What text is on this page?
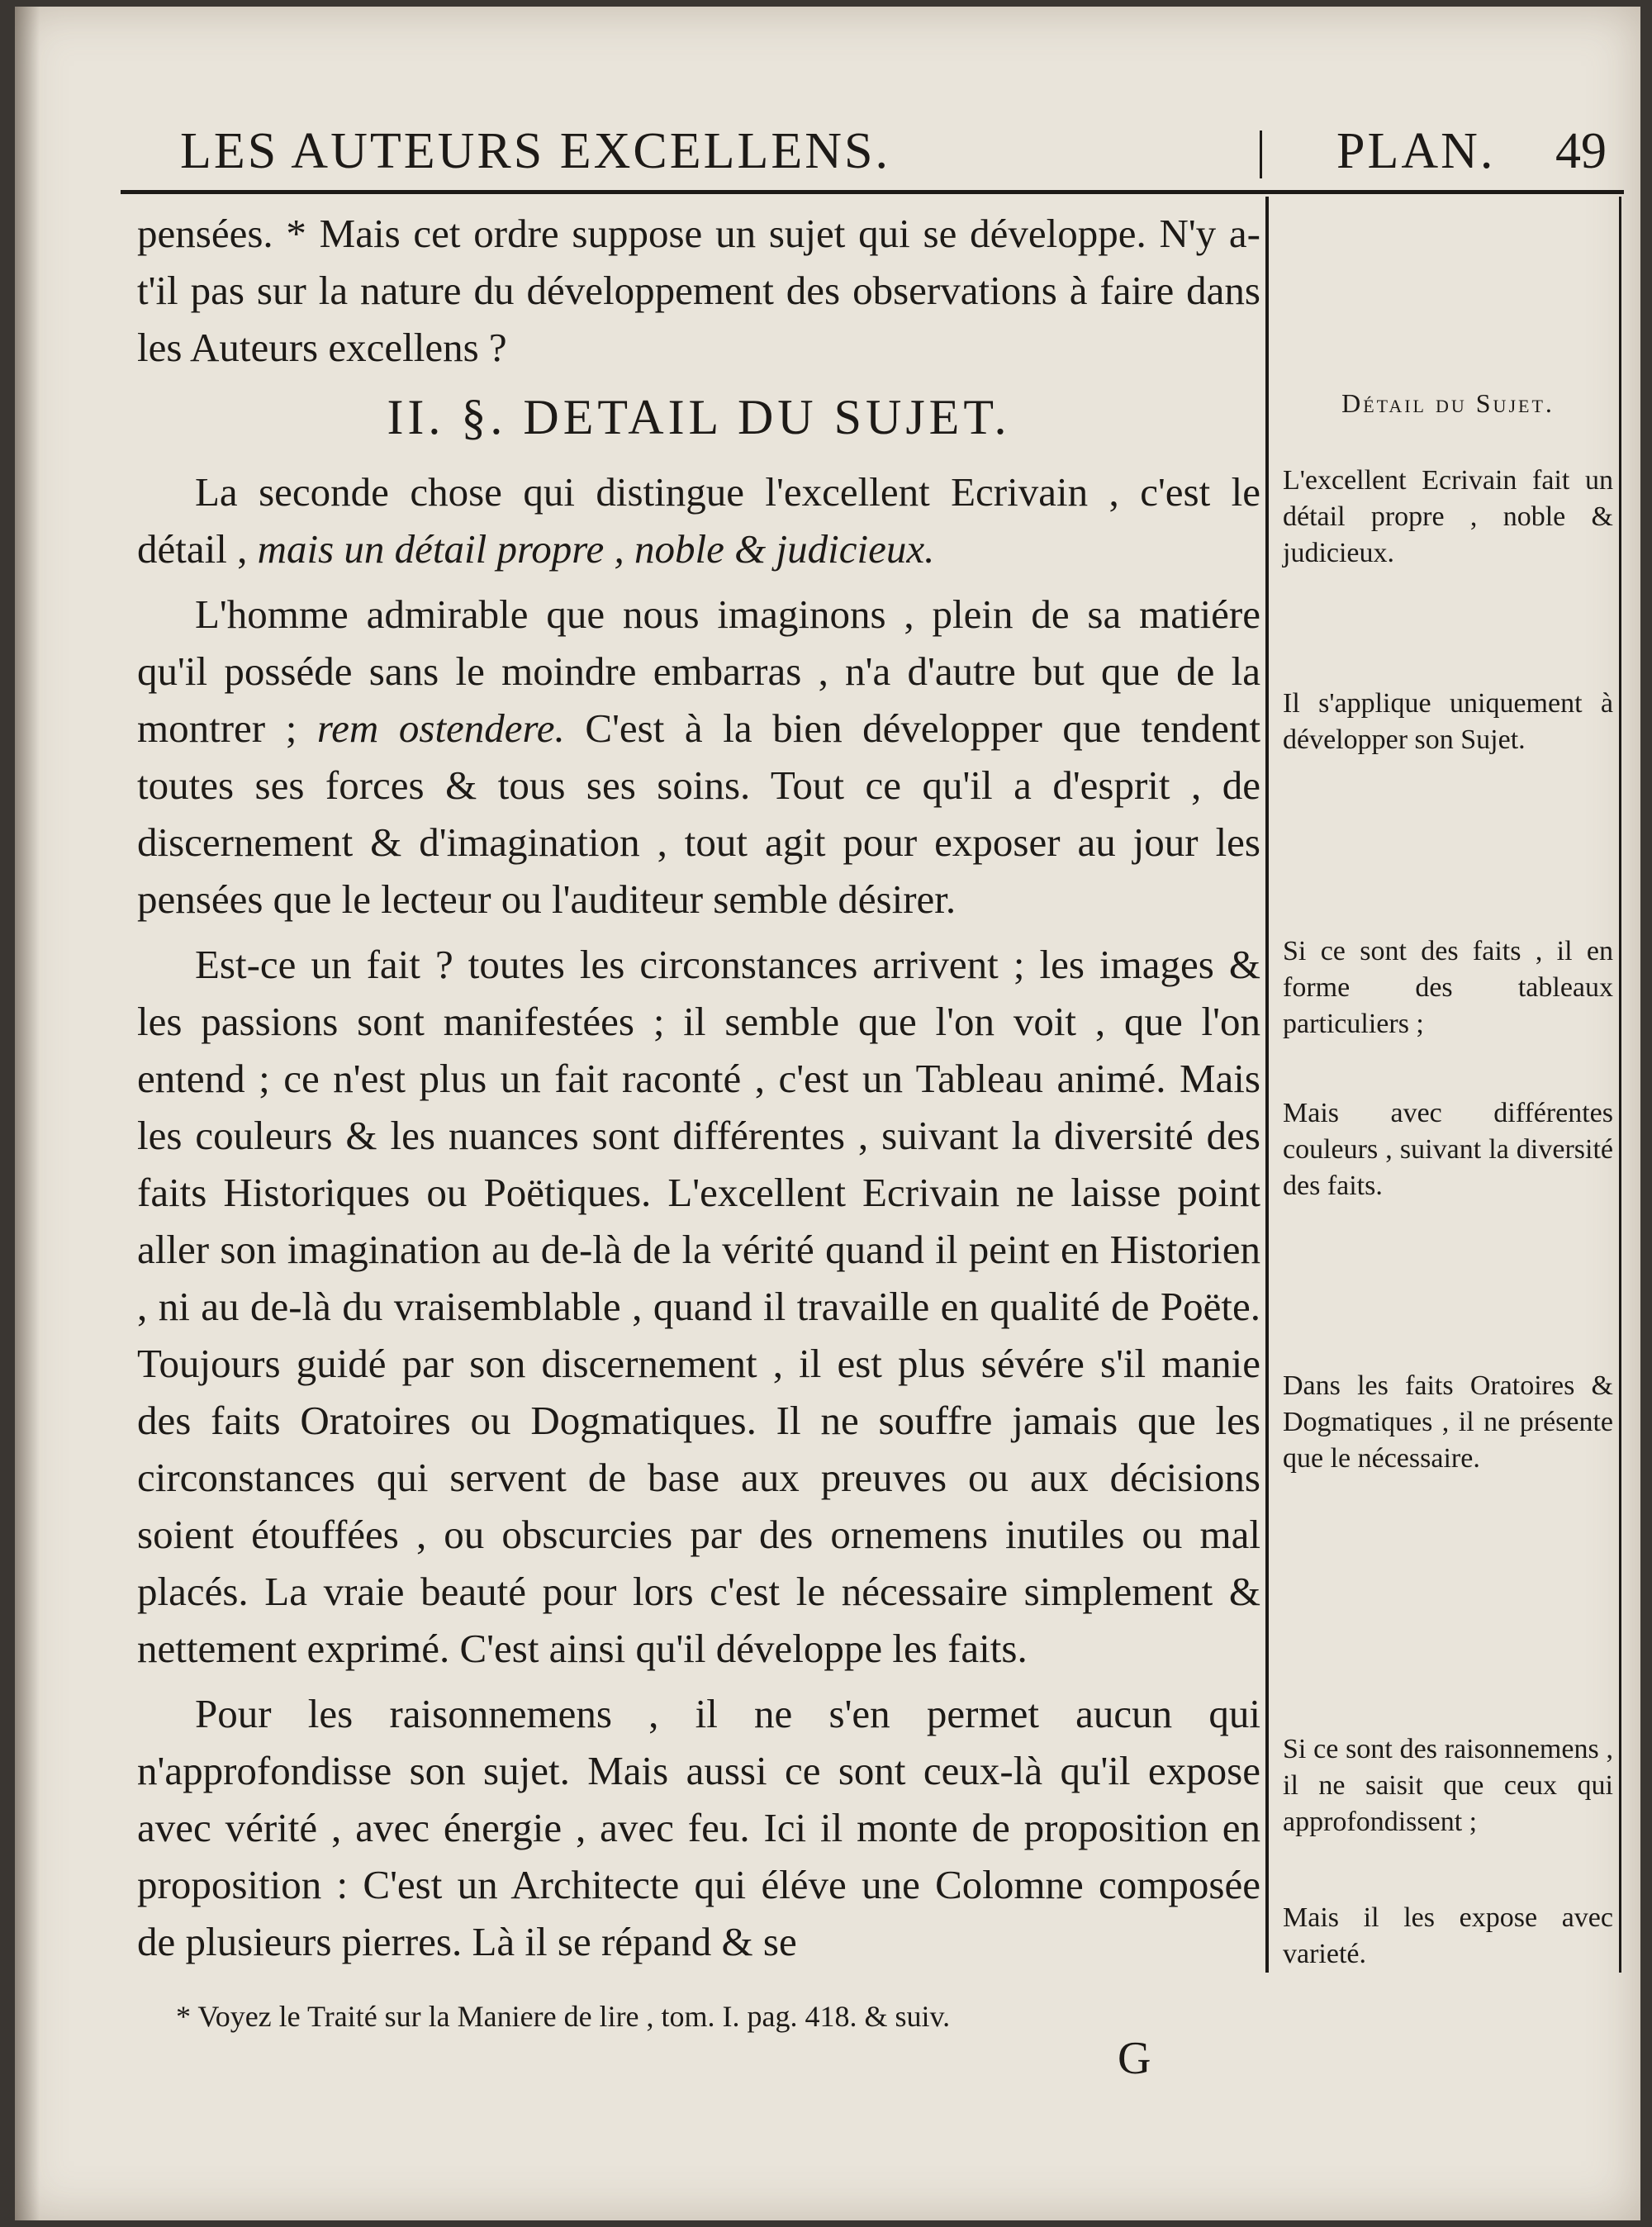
LES AUTEURS EXCELLENS.	PLAN. 49

pensées. * Mais cet ordre suppose un sujet qui se développe. N'y a-t'il pas sur la nature du développement des observations à faire dans les Auteurs excellens ?

II. §. DETAIL DU SUJET.

La seconde chose qui distingue l'excellent Ecrivain , c'est le détail , mais un détail propre , noble & judicieux.

L'homme admirable que nous imaginons , plein de sa matiére qu'il posséde sans le moindre embarras , n'a d'autre but que de la montrer ; rem ostendere. C'est à la bien développer que tendent toutes ses forces & tous ses soins. Tout ce qu'il a d'esprit , de discernement & d'imagination , tout agit pour exposer au jour les pensées que le lecteur ou l'auditeur semble désirer.

Est-ce un fait ? toutes les circonstances arrivent ; les images & les passions sont manifestées ; il semble que l'on voit , que l'on entend ; ce n'est plus un fait raconté , c'est un Tableau animé. Mais les couleurs & les nuances sont différentes , suivant la diversité des faits Historiques ou Poëtiques. L'excellent Ecrivain ne laisse point aller son imagination au de-là de la vérité quand il peint en Historien , ni au de-là du vraisemblable , quand il travaille en qualité de Poëte. Toujours guidé par son discernement , il est plus sévére s'il manie des faits Oratoires ou Dogmatiques. Il ne souffre jamais que les circonstances qui servent de base aux preuves ou aux décisions soient étouffées , ou obscurcies par des ornemens inutiles ou mal placés. La vraie beauté pour lors c'est le nécessaire simplement & nettement exprimé. C'est ainsi qu'il développe les faits.

Pour les raisonnemens , il ne s'en permet aucun qui n'approfondisse son sujet. Mais aussi ce sont ceux-là qu'il expose avec vérité , avec énergie , avec feu. Ici il monte de proposition en proposition : C'est un Architecte qui éléve une Colomne composée de plusieurs pierres. Là il se répand & se

Détail du Sujet.
L'excellent Ecrivain fait un détail propre , noble & judicieux.
Il s'applique uniquement à développer son Sujet.
Si ce sont des faits , il en forme des tableaux particuliers ;
Mais avec différentes couleurs , suivant la diversité des faits.
Dans les faits Oratoires & Dogmatiques , il ne présente que le nécessaire.
Si ce sont des raisonnemens , il ne saisit que ceux qui approfondissent ;
Mais il les expose avec varieté.
* Voyez le Traité sur la Maniere de lire , tom. I. pag. 418. & suiv.
G
